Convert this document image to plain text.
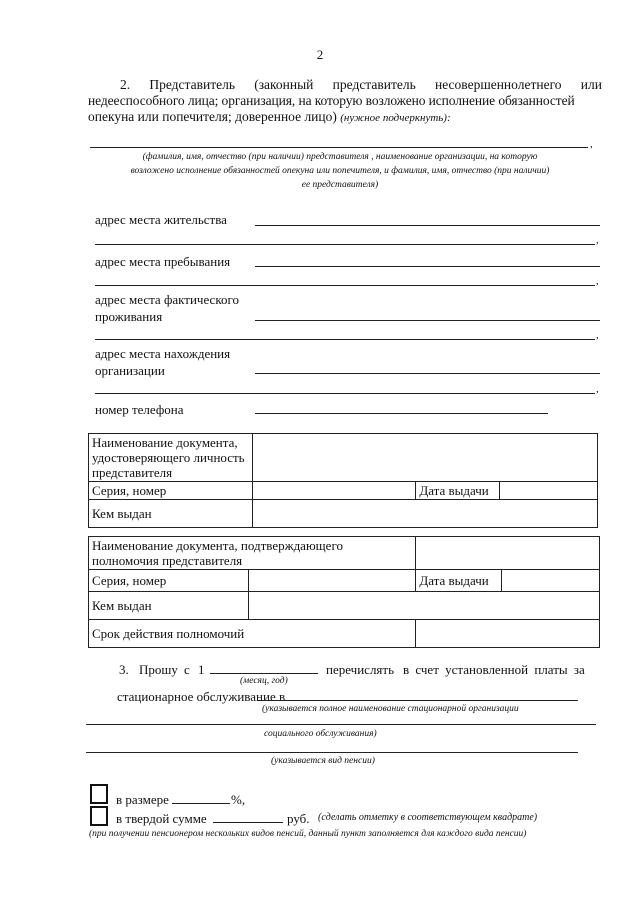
2
2. Представитель (законный представитель несовершеннолетнего или
недееспособного лица; организация, на которую возложено исполнение обязанностей
опекуна или попечителя; доверенное лицо) (нужное подчеркнуть):
,
(фамилия, имя, отчество (при наличии) представителя , наименование организации, на которую
возложено исполнение обязанностей опекуна или попечителя, и фамилия, имя, отчество (при наличии)
ее представителя)
адрес места жительства
,
адрес места пребывания
,
адрес места фактического
проживания
,
адрес места нахождения
организации
,
номер телефона
Наименование документа,
удостоверяющего личность
представителя			

Серия, номер		Дата выдачи	
Кем выдан			
Наименование документа, подтверждающего
полномочия представителя			

Серия, номер		Дата выдачи	
Кем выдан			
Срок действия полномочий			
3. Прошу с 1	перечислять в счет установленной платы за
(месяц, год)
стационарное обслуживание в
(указывается полное наименование стационарной организации
социального обслуживания)
(указывается вид пенсии)
в размере	%,
в твердой сумме	руб. (сделать отметку в соответствующем квадрате)
(при получении пенсионером нескольких видов пенсий, данный пункт заполняется для каждого вида пенсии)
